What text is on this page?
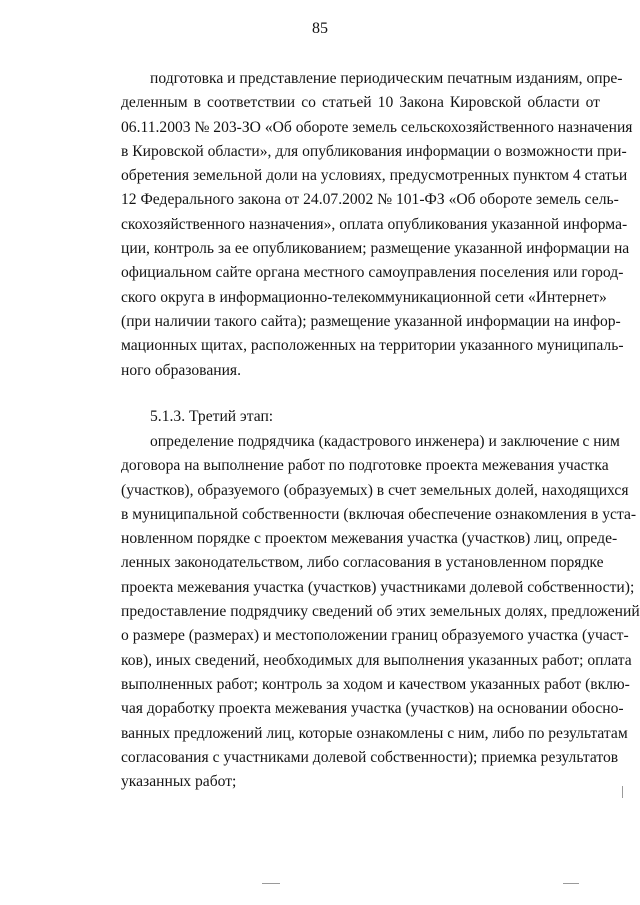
85
подготовка и представление периодическим печатным изданиям, опре-
деленным в соответствии со статьей 10 Закона Кировской области от
06.11.2003 № 203-ЗО «Об обороте земель сельскохозяйственного назначения
в Кировской области», для опубликования информации о возможности при-
обретения земельной доли на условиях, предусмотренных пунктом 4 статьи
12 Федерального закона от 24.07.2002 № 101-ФЗ «Об обороте земель сель-
скохозяйственного назначения», оплата опубликования указанной информа-
ции, контроль за ее опубликованием; размещение указанной информации на
официальном сайте органа местного самоуправления поселения или город-
ского округа в информационно-телекоммуникационной сети «Интернет»
(при наличии такого сайта); размещение указанной информации на инфор-
мационных щитах, расположенных на территории указанного муниципаль-
ного образования.
5.1.3. Третий этап:
определение подрядчика (кадастрового инженера) и заключение с ним
договора на выполнение работ по подготовке проекта межевания участка
(участков), образуемого (образуемых) в счет земельных долей, находящихся
в муниципальной собственности (включая обеспечение ознакомления в уста-
новленном порядке с проектом межевания участка (участков) лиц, опреде-
ленных законодательством, либо согласования в установленном порядке
проекта межевания участка (участков) участниками долевой собственности);
предоставление подрядчику сведений об этих земельных долях, предложений
о размере (размерах) и местоположении границ образуемого участка (участ-
ков), иных сведений, необходимых для выполнения указанных работ; оплата
выполненных работ; контроль за ходом и качеством указанных работ (вклю-
чая доработку проекта межевания участка (участков) на основании обосно-
ванных предложений лиц, которые ознакомлены с ним, либо по результатам
согласования с участниками долевой собственности); приемка результатов
указанных работ;
